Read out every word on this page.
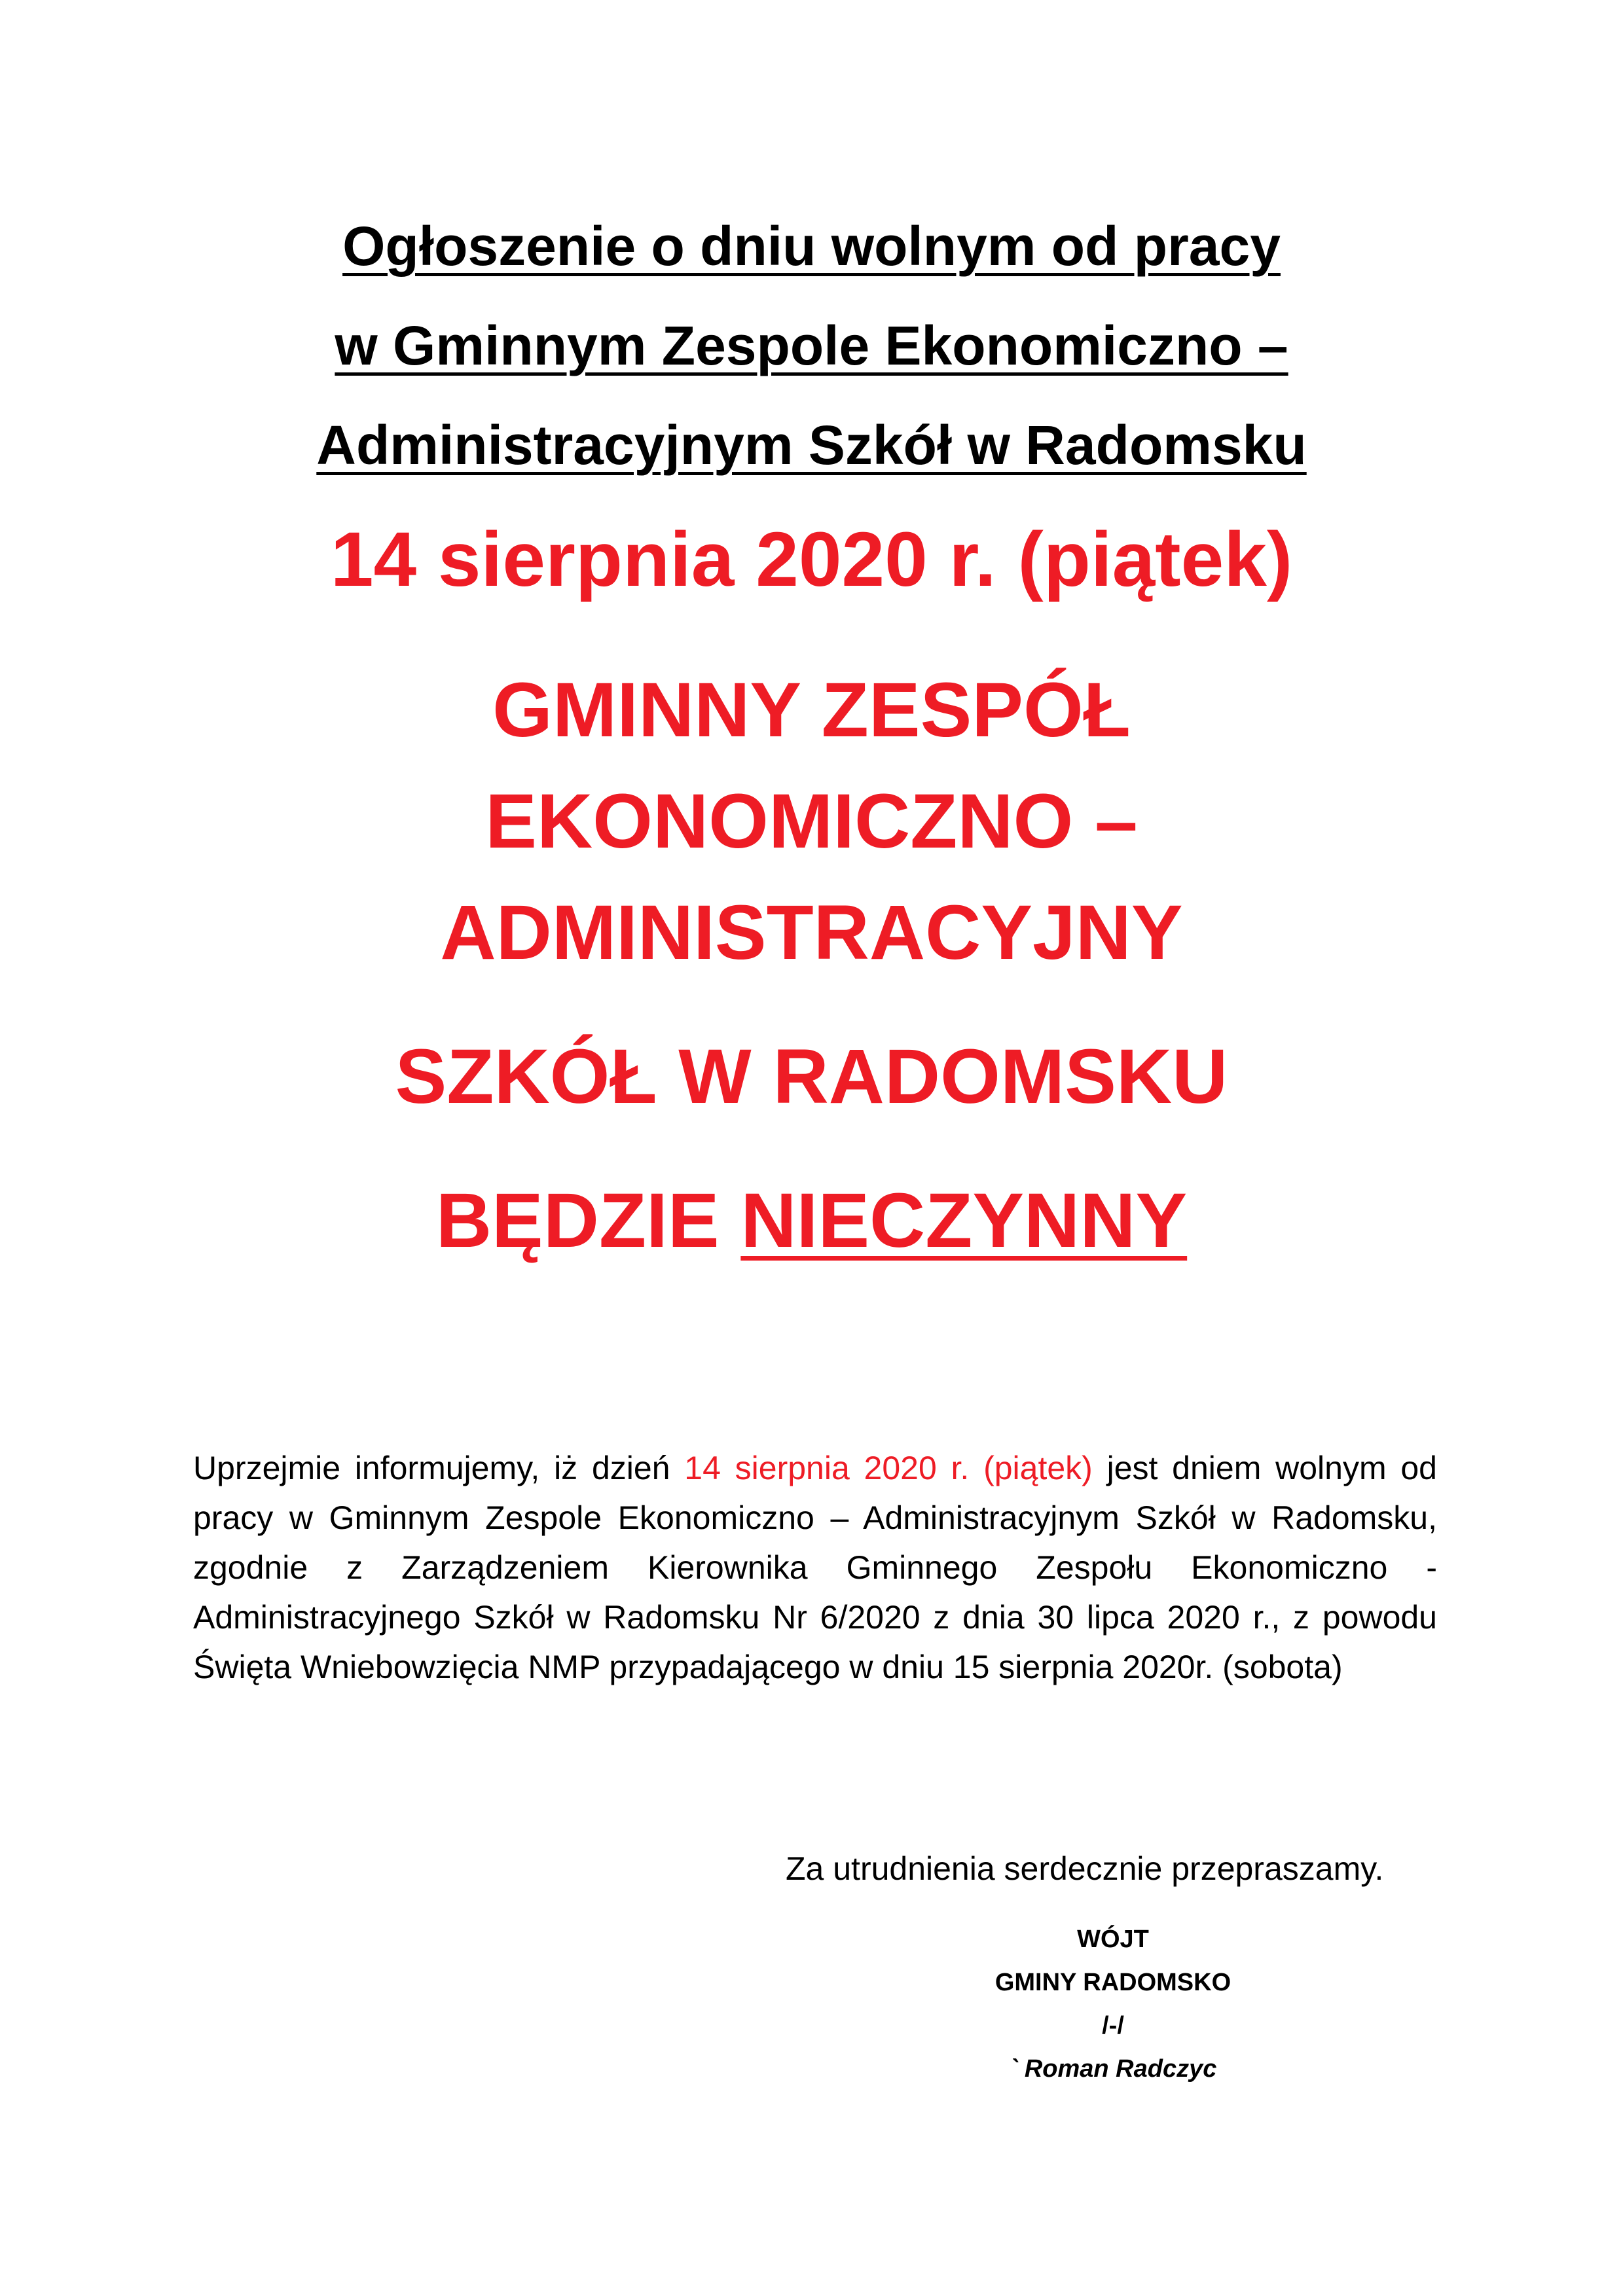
Ogłoszenie o dniu wolnym od pracy
w Gminnym Zespole Ekonomiczno –
Administracyjnym Szkół w Radomsku
14 sierpnia 2020 r. (piątek)
GMINNY ZESPÓŁ
EKONOMICZNO –
ADMINISTRACYJNY
SZKÓŁ W RADOMSKU
BĘDZIE NIECZYNNY
Uprzejmie informujemy, iż dzień 14 sierpnia 2020 r. (piątek) jest dniem wolnym od pracy w Gminnym Zespole Ekonomiczno – Administracyjnym Szkół w Radomsku, zgodnie z Zarządzeniem Kierownika Gminnego Zespołu Ekonomiczno - Administracyjnego Szkół w Radomsku Nr 6/2020 z dnia 30 lipca 2020 r., z powodu Święta Wniebowzięcia NMP przypadającego w dniu 15 sierpnia 2020r. (sobota)
Za utrudnienia serdecznie przepraszamy.
WÓJT
GMINY RADOMSKO
/-/
` Roman Radczyc
